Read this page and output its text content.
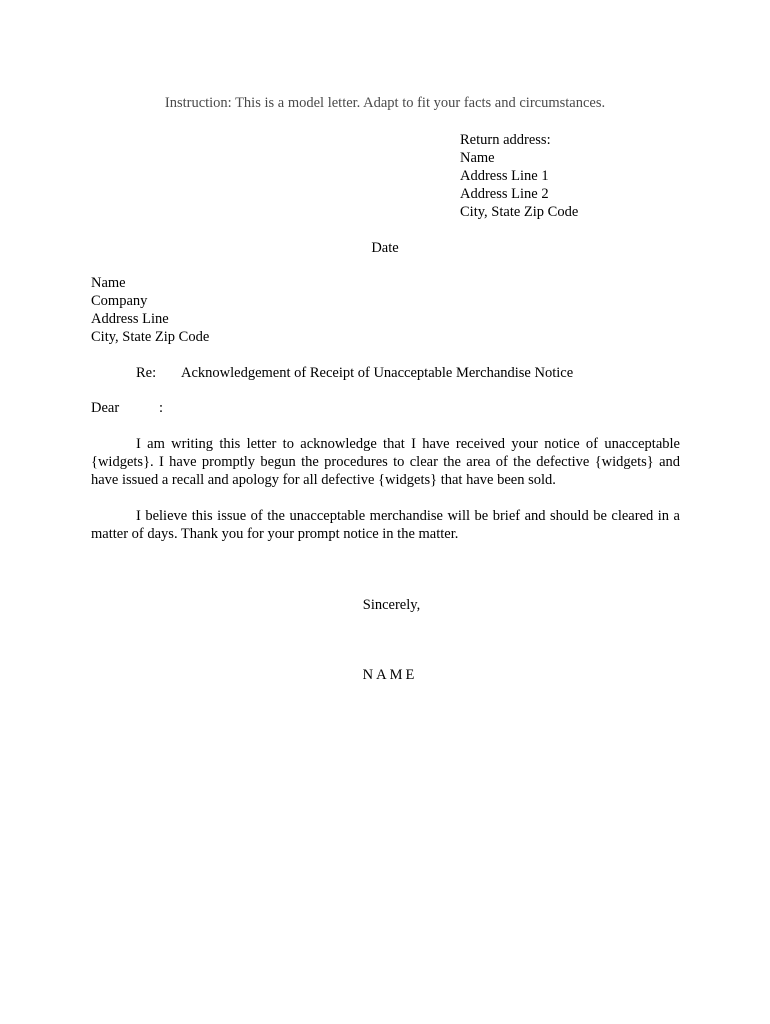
Instruction: This is a model letter. Adapt to fit your facts and circumstances.
Return address:
Name
Address Line 1
Address Line 2
City, State Zip Code
Date
Name
Company
Address Line
City, State Zip Code
Re: Acknowledgement of Receipt of Unacceptable Merchandise Notice
Dear	:
I am writing this letter to acknowledge that I have received your notice of unacceptable {widgets}. I have promptly begun the procedures to clear the area of the defective {widgets} and have issued a recall and apology for all defective {widgets} that have been sold.
I believe this issue of the unacceptable merchandise will be brief and should be cleared in a matter of days. Thank you for your prompt notice in the matter.
Sincerely,
NAME
